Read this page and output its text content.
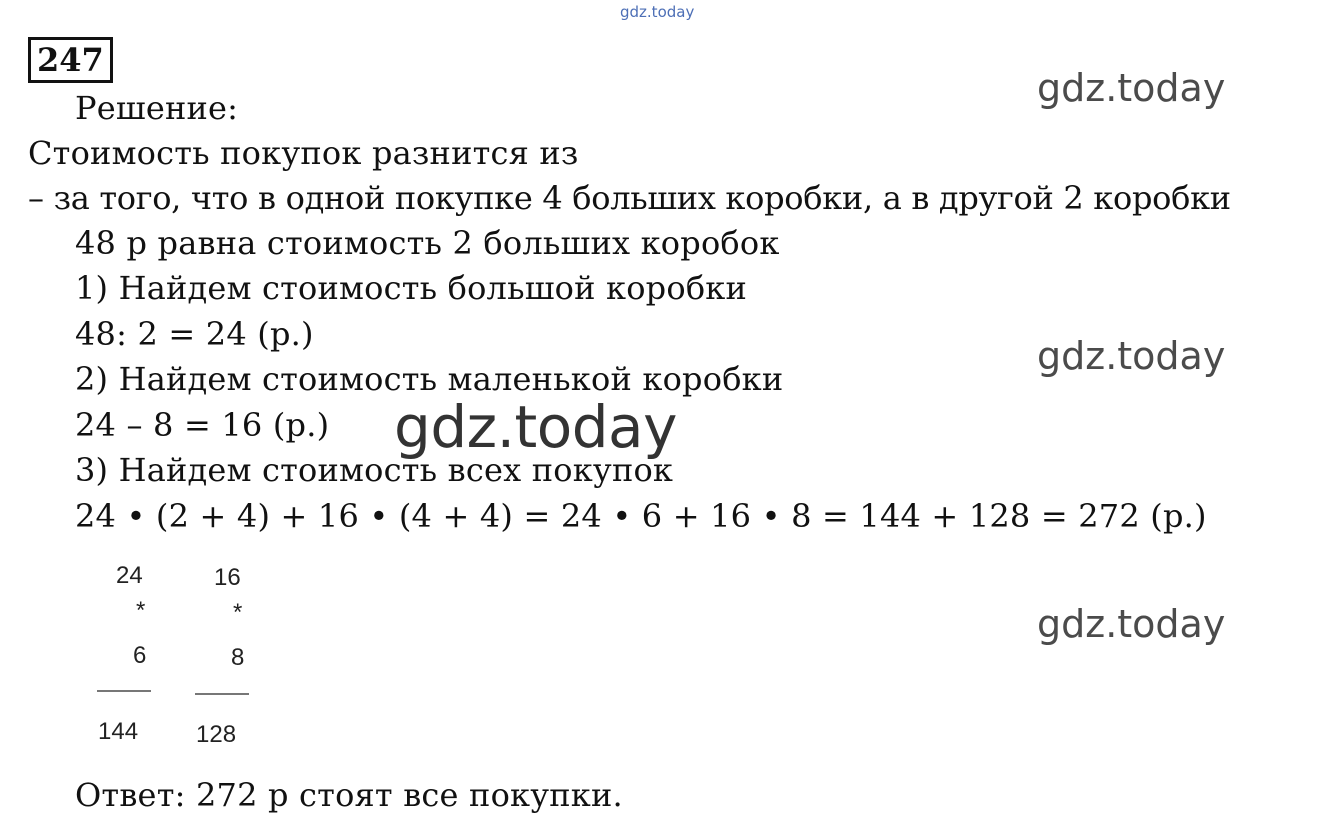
gdz.today
247
gdz.today
gdz.today
gdz.today
Решение:
Стоимость покупок разнится из
– за того, что в одной покупке 4 больших коробки, а в другой 2 коробки
48 р равна стоимость 2 больших коробок
1) Найдем стоимость большой коробки
48: 2 = 24 (р.)
2) Найдем стоимость маленькой коробки
24 – 8 = 16 (р.)
3) Найдем стоимость всех покупок
24 • (2 + 4) + 16 • (4 + 4) = 24 • 6 + 16 • 8 = 144 + 128 = 272 (р.)
gdz.today
24
*
6
144
16
*
8
128
Ответ: 272 р стоят все покупки.
